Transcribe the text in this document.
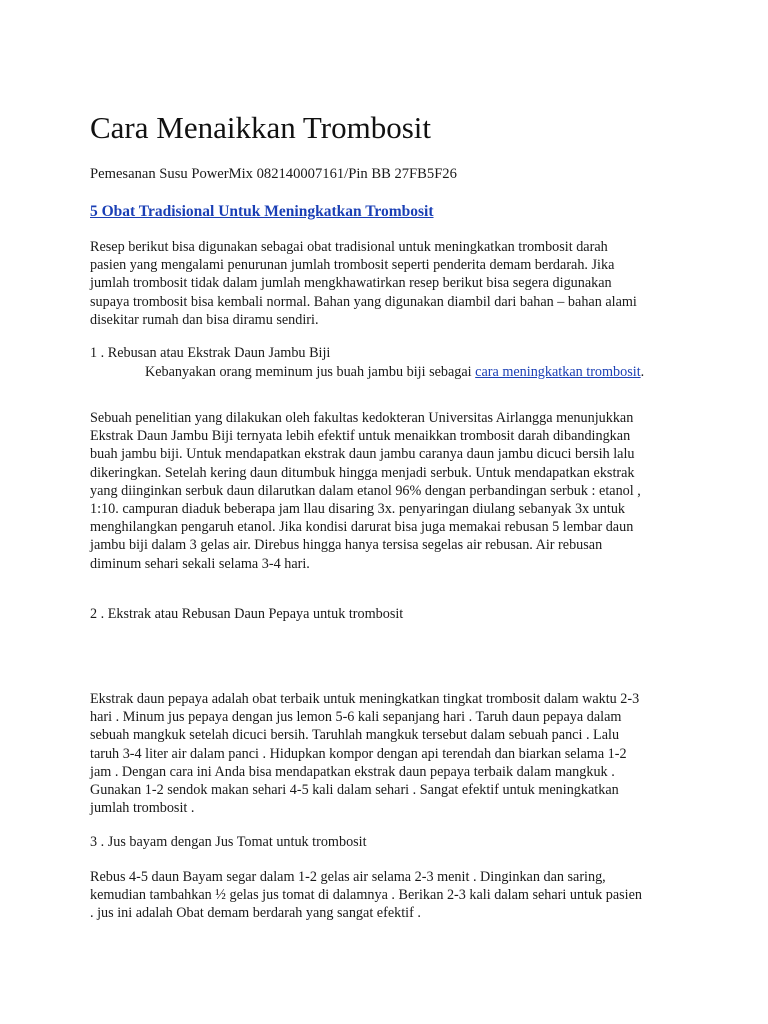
Cara Menaikkan Trombosit

Pemesanan Susu PowerMix 082140007161/Pin BB 27FB5F26

5 Obat Tradisional Untuk Meningkatkan Trombosit
Resep berikut bisa digunakan sebagai obat tradisional untuk meningkatkan trombosit darah
pasien yang mengalami penurunan jumlah trombosit seperti penderita demam berdarah. Jika
jumlah trombosit tidak dalam jumlah mengkhawatirkan resep berikut bisa segera digunakan
supaya trombosit bisa kembali normal. Bahan yang digunakan diambil dari bahan – bahan alami
disekitar rumah dan bisa diramu sendiri.

1 . Rebusan atau Ekstrak Daun Jambu Biji

Kebanyakan orang meminum jus buah jambu biji sebagai cara meningkatkan trombosit.

Sebuah penelitian yang dilakukan oleh fakultas kedokteran Universitas Airlangga menunjukkan
Ekstrak Daun Jambu Biji ternyata lebih efektif untuk menaikkan trombosit darah dibandingkan
buah jambu biji. Untuk mendapatkan ekstrak daun jambu caranya daun jambu dicuci bersih lalu
dikeringkan. Setelah kering daun ditumbuk hingga menjadi serbuk. Untuk mendapatkan ekstrak
yang diinginkan serbuk daun dilarutkan dalam etanol 96% dengan perbandingan serbuk : etanol ,
1:10. campuran diaduk beberapa jam llau disaring 3x. penyaringan diulang sebanyak 3x untuk
menghilangkan pengaruh etanol. Jika kondisi darurat bisa juga memakai rebusan 5 lembar daun
jambu biji dalam 3 gelas air. Direbus hingga hanya tersisa segelas air rebusan. Air rebusan
diminum sehari sekali selama 3-4 hari.

2 . Ekstrak atau Rebusan Daun Pepaya untuk trombosit

Ekstrak daun pepaya adalah obat terbaik untuk meningkatkan tingkat trombosit dalam waktu 2-3
hari . Minum jus pepaya dengan jus lemon 5-6 kali sepanjang hari . Taruh daun pepaya dalam
sebuah mangkuk setelah dicuci bersih. Taruhlah mangkuk tersebut dalam sebuah panci . Lalu
taruh 3-4 liter air dalam panci . Hidupkan kompor dengan api terendah dan biarkan selama 1-2
jam . Dengan cara ini Anda bisa mendapatkan ekstrak daun pepaya terbaik dalam mangkuk .
Gunakan 1-2 sendok makan sehari 4-5 kali dalam sehari . Sangat efektif untuk meningkatkan
jumlah trombosit .

3 . Jus bayam dengan Jus Tomat untuk trombosit

Rebus 4-5 daun Bayam segar dalam 1-2 gelas air selama 2-3 menit . Dinginkan dan saring,
kemudian tambahkan ½ gelas jus tomat di dalamnya . Berikan 2-3 kali dalam sehari untuk pasien
. jus ini adalah Obat demam berdarah yang sangat efektif .
